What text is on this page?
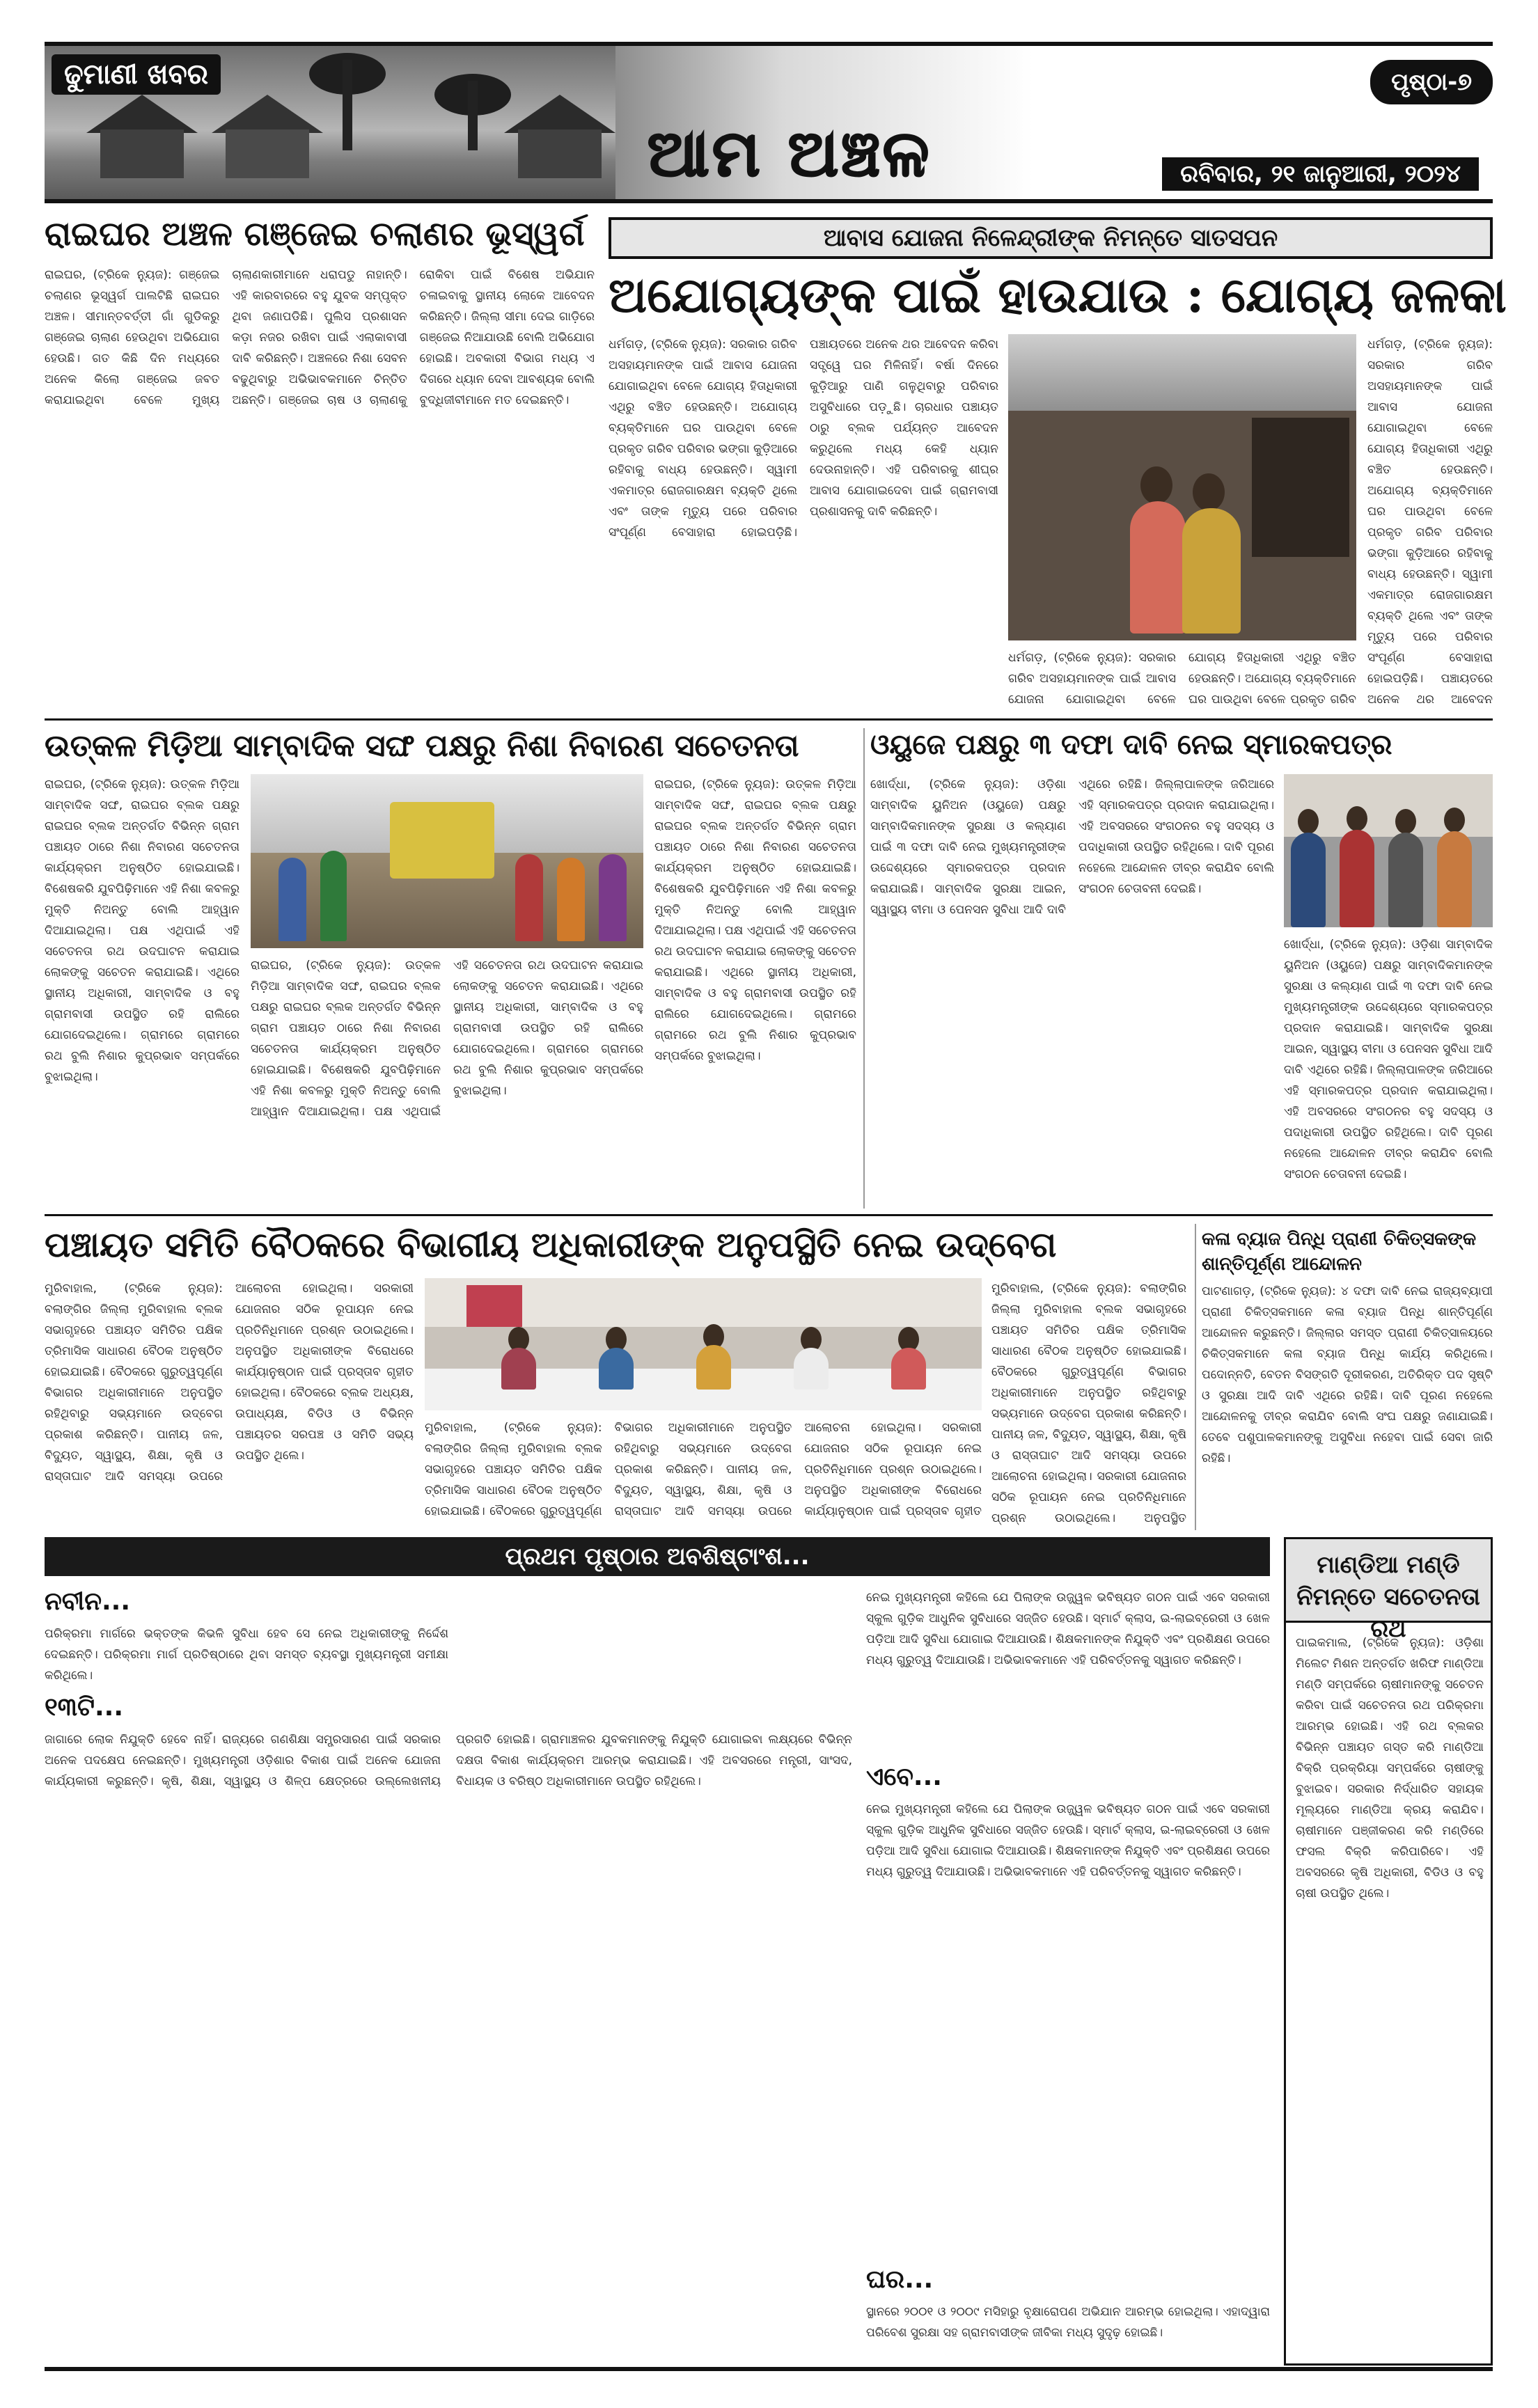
ଢୁମାଣୀ ଖବର
ଆମ ଅଞ୍ଚଳ
ପୃଷ୍ଠା-୭
ରବିବାର, ୨୧ ଜାନୁଆରୀ, ୨୦୨୪
ରାଇଘର ଅଞ୍ଚଳ ଗଞ୍ଜେଇ ଚଲାଣର ଭୂସ୍ୱର୍ଗ
ରାଇଘର, (ଟ୍ରିକେ ନ୍ୟୁଜ): ଗଞ୍ଜେଇ ଚଲାଣର ଭୂସ୍ୱର୍ଗ ପାଲଟିଛି ରାଇଘର ଅଞ୍ଚଳ। ସୀମାନ୍ତବର୍ତ୍ତୀ ଗାଁ ଗୁଡିକରୁ ଗଞ୍ଜେଇ ଚାଲାଣ ହେଉଥିବା ଅଭିଯୋଗ ହେଉଛି। ଗତ କିଛି ଦିନ ମଧ୍ୟରେ ଅନେକ କିଲୋ ଗଞ୍ଜେଇ ଜବତ କରାଯାଇଥିବା ବେଳେ ମୁଖ୍ୟ ଚାଲାଣକାରୀମାନେ ଧରାପଡୁ ନାହାନ୍ତି। ଏହି କାରବାରରେ ବହୁ ଯୁବକ ସମ୍ପୃକ୍ତ ଥିବା ଜଣାପଡିଛି। ପୁଲିସ ପ୍ରଶାସନ କଡ଼ା ନଜର ରଖିବା ପାଇଁ ଏଲାକାବାସୀ ଦାବି କରିଛନ୍ତି। ଅଞ୍ଚଳରେ ନିଶା ସେବନ ବଢୁଥିବାରୁ ଅଭିଭାବକମାନେ ଚିନ୍ତିତ ଅଛନ୍ତି। ଗଞ୍ଜେଇ ଚାଷ ଓ ଚାଲାଣକୁ ରୋକିବା ପାଇଁ ବିଶେଷ ଅଭିଯାନ ଚଳାଇବାକୁ ସ୍ଥାନୀୟ ଲୋକେ ଆବେଦନ କରିଛନ୍ତି। ଜିଲ୍ଲା ସୀମା ଦେଇ ଗାଡ଼ିରେ ଗଞ୍ଜେଇ ନିଆଯାଉଛି ବୋଲି ଅଭିଯୋଗ ହୋଇଛି। ଅବକାରୀ ବିଭାଗ ମଧ୍ୟ ଏ ଦିଗରେ ଧ୍ୟାନ ଦେବା ଆବଶ୍ୟକ ବୋଲି ବୁଦ୍ଧିଜୀବୀମାନେ ମତ ଦେଇଛନ୍ତି।
ଆବାସ ଯୋଜନା ନିଳେନ୍ଦ୍ରୀଙ୍କ ନିମନ୍ତେ ସାତସପନ
ଅଯୋଗ୍ୟଙ୍କ ପାଇଁ ହାଉଯାଉ : ଯୋଗ୍ୟ ଜଳକା
ଧର୍ମଗଡ଼, (ଟ୍ରିକେ ନ୍ୟୁଜ): ସରକାର ଗରିବ ଅସହାୟମାନଙ୍କ ପାଇଁ ଆବାସ ଯୋଜନା ଯୋଗାଇଥିବା ବେଳେ ଯୋଗ୍ୟ ହିତାଧିକାରୀ ଏଥିରୁ ବଞ୍ଚିତ ହେଉଛନ୍ତି। ଅଯୋଗ୍ୟ ବ୍ୟକ୍ତିମାନେ ଘର ପାଉଥିବା ବେଳେ ପ୍ରକୃତ ଗରିବ ପରିବାର ଭଙ୍ଗା କୁଡ଼ିଆରେ ରହିବାକୁ ବାଧ୍ୟ ହେଉଛନ୍ତି। ସ୍ୱାମୀ ଏକମାତ୍ର ରୋଜଗାରକ୍ଷମ ବ୍ୟକ୍ତି ଥିଲେ ଏବଂ ତାଙ୍କ ମୃତ୍ୟୁ ପରେ ପରିବାର ସଂପୂର୍ଣ୍ଣ ବେସାହାରା ହୋଇପଡ଼ିଛି। ପଞ୍ଚାୟତରେ ଅନେକ ଥର ଆବେଦନ କରିବା ସତ୍ତ୍ୱେ ଘର ମିଳିନାହିଁ। ବର୍ଷା ଦିନରେ କୁଡ଼ିଆରୁ ପାଣି ଗଳୁଥିବାରୁ ପରିବାର ଅସୁବିଧାରେ ପଡ଼ୁଛି। ଚାରଧାର ପଞ୍ଚାୟତ ଠାରୁ ବ୍ଲକ ପର୍ଯ୍ୟନ୍ତ ଆବେଦନ କରୁଥିଲେ ମଧ୍ୟ କେହି ଧ୍ୟାନ ଦେଉନାହାନ୍ତି। ଏହି ପରିବାରକୁ ଶୀଘ୍ର ଆବାସ ଯୋଗାଇଦେବା ପାଇଁ ଗ୍ରାମବାସୀ ପ୍ରଶାସନକୁ ଦାବି କରିଛନ୍ତି।
ଧର୍ମଗଡ଼, (ଟ୍ରିକେ ନ୍ୟୁଜ): ସରକାର ଗରିବ ଅସହାୟମାନଙ୍କ ପାଇଁ ଆବାସ ଯୋଜନା ଯୋଗାଇଥିବା ବେଳେ ଯୋଗ୍ୟ ହିତାଧିକାରୀ ଏଥିରୁ ବଞ୍ଚିତ ହେଉଛନ୍ତି। ଅଯୋଗ୍ୟ ବ୍ୟକ୍ତିମାନେ ଘର ପାଉଥିବା ବେଳେ ପ୍ରକୃତ ଗରିବ ପରିବାର ଭଙ୍ଗା କୁଡ଼ିଆରେ ରହିବାକୁ ବାଧ୍ୟ ହେଉଛନ୍ତି। ସ୍ୱାମୀ ଏକମାତ୍ର ରୋଜଗାରକ୍ଷମ ବ୍ୟକ୍ତି ଥିଲେ ଏବଂ ତାଙ୍କ ମୃତ୍ୟୁ ପରେ ପରିବାର ସଂପୂର୍ଣ୍ଣ ବେସାହାରା ହୋଇପଡ଼ିଛି। ପଞ୍ଚାୟତରେ ଅନେକ ଥର ଆବେଦନ
ଧର୍ମଗଡ଼, (ଟ୍ରିକେ ନ୍ୟୁଜ): ସରକାର ଗରିବ ଅସହାୟମାନଙ୍କ ପାଇଁ ଆବାସ ଯୋଜନା ଯୋଗାଇଥିବା ବେଳେ ଯୋଗ୍ୟ ହିତାଧିକାରୀ ଏଥିରୁ ବଞ୍ଚିତ ହେଉଛନ୍ତି। ଅଯୋଗ୍ୟ ବ୍ୟକ୍ତିମାନେ ଘର ପାଉଥିବା ବେଳେ ପ୍ରକୃତ ଗରିବ
ଉତ୍କଳ ମିଡ଼ିଆ ସାମ୍ବାଦିକ ସଙ୍ଘ ପକ୍ଷରୁ ନିଶା ନିବାରଣ ସଚେତନତା
ରାଇଘର, (ଟ୍ରିକେ ନ୍ୟୁଜ): ଉତ୍କଳ ମିଡ଼ିଆ ସାମ୍ବାଦିକ ସଙ୍ଘ, ରାଇଘର ବ୍ଲକ ପକ୍ଷରୁ ରାଇଘର ବ୍ଲକ ଅନ୍ତର୍ଗତ ବିଭିନ୍ନ ଗ୍ରାମ ପଞ୍ଚାୟତ ଠାରେ ନିଶା ନିବାରଣ ସଚେତନତା କାର୍ଯ୍ୟକ୍ରମ ଅନୁଷ୍ଠିତ ହୋଇଯାଇଛି। ବିଶେଷକରି ଯୁବପିଢ଼ିମାନେ ଏହି ନିଶା କବଳରୁ ମୁକ୍ତି ନିଅନ୍ତୁ ବୋଲି ଆହ୍ୱାନ ଦିଆଯାଇଥିଲା। ପକ୍ଷ ଏଥିପାଇଁ ଏହି ସଚେତନତା ରଥ ଉଦଘାଟନ କରାଯାଇ ଲୋକଙ୍କୁ ସଚେତନ କରାଯାଇଛି। ଏଥିରେ ସ୍ଥାନୀୟ ଅଧିକାରୀ, ସାମ୍ବାଦିକ ଓ ବହୁ ଗ୍ରାମବାସୀ ଉପସ୍ଥିତ ରହି ରାଲିରେ ଯୋଗଦେଇଥିଲେ। ଗ୍ରାମରେ ଗ୍ରାମରେ ରଥ ବୁଲି ନିଶାର କୁପ୍ରଭାବ ସମ୍ପର୍କରେ ବୁଝାଇଥିଲା।
ରାଇଘର, (ଟ୍ରିକେ ନ୍ୟୁଜ): ଉତ୍କଳ ମିଡ଼ିଆ ସାମ୍ବାଦିକ ସଙ୍ଘ, ରାଇଘର ବ୍ଲକ ପକ୍ଷରୁ ରାଇଘର ବ୍ଲକ ଅନ୍ତର୍ଗତ ବିଭିନ୍ନ ଗ୍ରାମ ପଞ୍ଚାୟତ ଠାରେ ନିଶା ନିବାରଣ ସଚେତନତା କାର୍ଯ୍ୟକ୍ରମ ଅନୁଷ୍ଠିତ ହୋଇଯାଇଛି। ବିଶେଷକରି ଯୁବପିଢ଼ିମାନେ ଏହି ନିଶା କବଳରୁ ମୁକ୍ତି ନିଅନ୍ତୁ ବୋଲି ଆହ୍ୱାନ ଦିଆଯାଇଥିଲା। ପକ୍ଷ ଏଥିପାଇଁ ଏହି ସଚେତନତା ରଥ ଉଦଘାଟନ କରାଯାଇ ଲୋକଙ୍କୁ ସଚେତନ କରାଯାଇଛି। ଏଥିରେ ସ୍ଥାନୀୟ ଅଧିକାରୀ, ସାମ୍ବାଦିକ ଓ ବହୁ ଗ୍ରାମବାସୀ ଉପସ୍ଥିତ ରହି ରାଲିରେ ଯୋଗଦେଇଥିଲେ। ଗ୍ରାମରେ ଗ୍ରାମରେ ରଥ ବୁଲି ନିଶାର କୁପ୍ରଭାବ ସମ୍ପର୍କରେ ବୁଝାଇଥିଲା।
ରାଇଘର, (ଟ୍ରିକେ ନ୍ୟୁଜ): ଉତ୍କଳ ମିଡ଼ିଆ ସାମ୍ବାଦିକ ସଙ୍ଘ, ରାଇଘର ବ୍ଲକ ପକ୍ଷରୁ ରାଇଘର ବ୍ଲକ ଅନ୍ତର୍ଗତ ବିଭିନ୍ନ ଗ୍ରାମ ପଞ୍ଚାୟତ ଠାରେ ନିଶା ନିବାରଣ ସଚେତନତା କାର୍ଯ୍ୟକ୍ରମ ଅନୁଷ୍ଠିତ ହୋଇଯାଇଛି। ବିଶେଷକରି ଯୁବପିଢ଼ିମାନେ ଏହି ନିଶା କବଳରୁ ମୁକ୍ତି ନିଅନ୍ତୁ ବୋଲି ଆହ୍ୱାନ ଦିଆଯାଇଥିଲା। ପକ୍ଷ ଏଥିପାଇଁ ଏହି ସଚେତନତା ରଥ ଉଦଘାଟନ କରାଯାଇ ଲୋକଙ୍କୁ ସଚେତନ କରାଯାଇଛି। ଏଥିରେ ସ୍ଥାନୀୟ ଅଧିକାରୀ, ସାମ୍ବାଦିକ ଓ ବହୁ ଗ୍ରାମବାସୀ ଉପସ୍ଥିତ ରହି ରାଲିରେ ଯୋଗଦେଇଥିଲେ। ଗ୍ରାମରେ ଗ୍ରାମରେ ରଥ ବୁଲି ନିଶାର କୁପ୍ରଭାବ ସମ୍ପର୍କରେ ବୁଝାଇଥିଲା।
ଓୟୁଜେ ପକ୍ଷରୁ ୩ ଦଫା ଦାବି ନେଇ ସ୍ମାରକପତ୍ର
ଖୋର୍ଦ୍ଧା, (ଟ୍ରିକେ ନ୍ୟୁଜ): ଓଡ଼ିଶା ସାମ୍ବାଦିକ ୟୁନିଅନ (ଓୟୁଜେ) ପକ୍ଷରୁ ସାମ୍ବାଦିକମାନଙ୍କ ସୁରକ୍ଷା ଓ କଲ୍ୟାଣ ପାଇଁ ୩ ଦଫା ଦାବି ନେଇ ମୁଖ୍ୟମନ୍ତ୍ରୀଙ୍କ ଉଦ୍ଦେଶ୍ୟରେ ସ୍ମାରକପତ୍ର ପ୍ରଦାନ କରାଯାଇଛି। ସାମ୍ବାଦିକ ସୁରକ୍ଷା ଆଇନ, ସ୍ୱାସ୍ଥ୍ୟ ବୀମା ଓ ପେନସନ ସୁବିଧା ଆଦି ଦାବି ଏଥିରେ ରହିଛି। ଜିଲ୍ଲାପାଳଙ୍କ ଜରିଆରେ ଏହି ସ୍ମାରକପତ୍ର ପ୍ରଦାନ କରାଯାଇଥିଲା। ଏହି ଅବସରରେ ସଂଗଠନର ବହୁ ସଦସ୍ୟ ଓ ପଦାଧିକାରୀ ଉପସ୍ଥିତ ରହିଥିଲେ। ଦାବି ପୂରଣ ନହେଲେ ଆନ୍ଦୋଳନ ତୀବ୍ର କରାଯିବ ବୋଲି ସଂଗଠନ ଚେତାବନୀ ଦେଇଛି।
ଖୋର୍ଦ୍ଧା, (ଟ୍ରିକେ ନ୍ୟୁଜ): ଓଡ଼ିଶା ସାମ୍ବାଦିକ ୟୁନିଅନ (ଓୟୁଜେ) ପକ୍ଷରୁ ସାମ୍ବାଦିକମାନଙ୍କ ସୁରକ୍ଷା ଓ କଲ୍ୟାଣ ପାଇଁ ୩ ଦଫା ଦାବି ନେଇ ମୁଖ୍ୟମନ୍ତ୍ରୀଙ୍କ ଉଦ୍ଦେଶ୍ୟରେ ସ୍ମାରକପତ୍ର ପ୍ରଦାନ କରାଯାଇଛି। ସାମ୍ବାଦିକ ସୁରକ୍ଷା ଆଇନ, ସ୍ୱାସ୍ଥ୍ୟ ବୀମା ଓ ପେନସନ ସୁବିଧା ଆଦି ଦାବି ଏଥିରେ ରହିଛି। ଜିଲ୍ଲାପାଳଙ୍କ ଜରିଆରେ ଏହି ସ୍ମାରକପତ୍ର ପ୍ରଦାନ କରାଯାଇଥିଲା। ଏହି ଅବସରରେ ସଂଗଠନର ବହୁ ସଦସ୍ୟ ଓ ପଦାଧିକାରୀ ଉପସ୍ଥିତ ରହିଥିଲେ। ଦାବି ପୂରଣ ନହେଲେ ଆନ୍ଦୋଳନ ତୀବ୍ର କରାଯିବ ବୋଲି ସଂଗଠନ ଚେତାବନୀ ଦେଇଛି।
ପଞ୍ଚାୟତ ସମିତି ବୈଠକରେ ବିଭାଗୀୟ ଅଧିକାରୀଙ୍କ ଅନୁପସ୍ଥିତି ନେଇ ଉଦ୍‌ବେଗ
ମୁରିବାହାଲ, (ଟ୍ରିକେ ନ୍ୟୁଜ): ବଲାଙ୍ଗିର ଜିଲ୍ଲା ମୁରିବାହାଲ ବ୍ଲକ ସଭାଗୃହରେ ପଞ୍ଚାୟତ ସମିତିର ପକ୍ଷିକ ତ୍ରିମାସିକ ସାଧାରଣ ବୈଠକ ଅନୁଷ୍ଠିତ ହୋଇଯାଇଛି। ବୈଠକରେ ଗୁରୁତ୍ୱପୂର୍ଣ୍ଣ ବିଭାଗର ଅଧିକାରୀମାନେ ଅନୁପସ୍ଥିତ ରହିଥିବାରୁ ସଭ୍ୟମାନେ ଉଦ୍‌ବେଗ ପ୍ରକାଶ କରିଛନ୍ତି। ପାନୀୟ ଜଳ, ବିଦ୍ୟୁତ, ସ୍ୱାସ୍ଥ୍ୟ, ଶିକ୍ଷା, କୃଷି ଓ ରାସ୍ତାଘାଟ ଆଦି ସମସ୍ୟା ଉପରେ ଆଲୋଚନା ହୋଇଥିଲା। ସରକାରୀ ଯୋଜନାର ସଠିକ ରୂପାୟନ ନେଇ ପ୍ରତିନିଧିମାନେ ପ୍ରଶ୍ନ ଉଠାଇଥିଲେ। ଅନୁପସ୍ଥିତ ଅଧିକାରୀଙ୍କ ବିରୋଧରେ କାର୍ଯ୍ୟାନୁଷ୍ଠାନ ପାଇଁ ପ୍ରସ୍ତାବ ଗୃହୀତ ହୋଇଥିଲା। ବୈଠକରେ ବ୍ଲକ ଅଧ୍ୟକ୍ଷ, ଉପାଧ୍ୟକ୍ଷ, ବିଡିଓ ଓ ବିଭିନ୍ନ ପଞ୍ଚାୟତର ସରପଞ୍ଚ ଓ ସମିତି ସଭ୍ୟ ଉପସ୍ଥିତ ଥିଲେ।
ମୁରିବାହାଲ, (ଟ୍ରିକେ ନ୍ୟୁଜ): ବଲାଙ୍ଗିର ଜିଲ୍ଲା ମୁରିବାହାଲ ବ୍ଲକ ସଭାଗୃହରେ ପଞ୍ଚାୟତ ସମିତିର ପକ୍ଷିକ ତ୍ରିମାସିକ ସାଧାରଣ ବୈଠକ ଅନୁଷ୍ଠିତ ହୋଇଯାଇଛି। ବୈଠକରେ ଗୁରୁତ୍ୱପୂର୍ଣ୍ଣ ବିଭାଗର ଅଧିକାରୀମାନେ ଅନୁପସ୍ଥିତ ରହିଥିବାରୁ ସଭ୍ୟମାନେ ଉଦ୍‌ବେଗ ପ୍ରକାଶ କରିଛନ୍ତି। ପାନୀୟ ଜଳ, ବିଦ୍ୟୁତ, ସ୍ୱାସ୍ଥ୍ୟ, ଶିକ୍ଷା, କୃଷି ଓ ରାସ୍ତାଘାଟ ଆଦି ସମସ୍ୟା ଉପରେ ଆଲୋଚନା ହୋଇଥିଲା। ସରକାରୀ ଯୋଜନାର ସଠିକ ରୂପାୟନ ନେଇ ପ୍ରତିନିଧିମାନେ ପ୍ରଶ୍ନ ଉଠାଇଥିଲେ। ଅନୁପସ୍ଥିତ ଅଧିକାରୀଙ୍କ ବିରୋଧରେ କାର୍ଯ୍ୟାନୁଷ୍ଠାନ ପାଇଁ ପ୍ରସ୍ତାବ ଗୃହୀତ
ମୁରିବାହାଲ, (ଟ୍ରିକେ ନ୍ୟୁଜ): ବଲାଙ୍ଗିର ଜିଲ୍ଲା ମୁରିବାହାଲ ବ୍ଲକ ସଭାଗୃହରେ ପଞ୍ଚାୟତ ସମିତିର ପକ୍ଷିକ ତ୍ରିମାସିକ ସାଧାରଣ ବୈଠକ ଅନୁଷ୍ଠିତ ହୋଇଯାଇଛି। ବୈଠକରେ ଗୁରୁତ୍ୱପୂର୍ଣ୍ଣ ବିଭାଗର ଅଧିକାରୀମାନେ ଅନୁପସ୍ଥିତ ରହିଥିବାରୁ ସଭ୍ୟମାନେ ଉଦ୍‌ବେଗ ପ୍ରକାଶ କରିଛନ୍ତି। ପାନୀୟ ଜଳ, ବିଦ୍ୟୁତ, ସ୍ୱାସ୍ଥ୍ୟ, ଶିକ୍ଷା, କୃଷି ଓ ରାସ୍ତାଘାଟ ଆଦି ସମସ୍ୟା ଉପରେ ଆଲୋଚନା ହୋଇଥିଲା। ସରକାରୀ ଯୋଜନାର ସଠିକ ରୂପାୟନ ନେଇ ପ୍ରତିନିଧିମାନେ ପ୍ରଶ୍ନ ଉଠାଇଥିଲେ। ଅନୁପସ୍ଥିତ
କଳା ବ୍ୟାଜ ପିନ୍ଧି ପ୍ରାଣୀ ଚିକିତ୍ସକଙ୍କ ଶାନ୍ତିପୂର୍ଣ୍ଣ ଆନ୍ଦୋଳନ
ପାଟଣାଗଡ଼, (ଟ୍ରିକେ ନ୍ୟୁଜ): ୪ ଦଫା ଦାବି ନେଇ ରାଜ୍ୟବ୍ୟାପୀ ପ୍ରାଣୀ ଚିକିତ୍ସକମାନେ କଳା ବ୍ୟାଜ ପିନ୍ଧି ଶାନ୍ତିପୂର୍ଣ୍ଣ ଆନ୍ଦୋଳନ କରୁଛନ୍ତି। ଜିଲ୍ଲାର ସମସ୍ତ ପ୍ରାଣୀ ଚିକିତ୍ସାଳୟରେ ଚିକିତ୍ସକମାନେ କଳା ବ୍ୟାଜ ପିନ୍ଧି କାର୍ଯ୍ୟ କରିଥିଲେ। ପଦୋନ୍ନତି, ବେତନ ବିସଙ୍ଗତି ଦୂରୀକରଣ, ଅତିରିକ୍ତ ପଦ ସୃଷ୍ଟି ଓ ସୁରକ୍ଷା ଆଦି ଦାବି ଏଥିରେ ରହିଛି। ଦାବି ପୂରଣ ନହେଲେ ଆନ୍ଦୋଳନକୁ ତୀବ୍ର କରାଯିବ ବୋଲି ସଂଘ ପକ୍ଷରୁ ଜଣାଯାଇଛି। ତେବେ ପଶୁପାଳକମାନଙ୍କୁ ଅସୁବିଧା ନହେବା ପାଇଁ ସେବା ଜାରି ରହିଛି।
ପ୍ରଥମ ପୃଷ୍ଠାର ଅବଶିଷ୍ଟାଂଶ...
ନବୀନ...
ପରିକ୍ରମା ମାର୍ଗରେ ଭକ୍ତଙ୍କ କିଭଳି ସୁବିଧା ହେବ ସେ ନେଇ ଅଧିକାରୀଙ୍କୁ ନିର୍ଦ୍ଦେଶ ଦେଇଛନ୍ତି। ପରିକ୍ରମା ମାର୍ଗ ପ୍ରତିଷ୍ଠାରେ ଥିବା ସମସ୍ତ ବ୍ୟବସ୍ଥା ମୁଖ୍ୟମନ୍ତ୍ରୀ ସମୀକ୍ଷା କରିଥିଲେ।
୧୩ଟି...
ଜାଗାରେ ଲୋକ ନିଯୁକ୍ତି ହେବେ ନାହିଁ। ରାଜ୍ୟରେ ଗଣଶିକ୍ଷା ସମ୍ପ୍ରସାରଣ ପାଇଁ ସରକାର ଅନେକ ପଦକ୍ଷେପ ନେଇଛନ୍ତି। ମୁଖ୍ୟମନ୍ତ୍ରୀ ଓଡ଼ିଶାର ବିକାଶ ପାଇଁ ଅନେକ ଯୋଜନା କାର୍ଯ୍ୟକାରୀ କରୁଛନ୍ତି। କୃଷି, ଶିକ୍ଷା, ସ୍ୱାସ୍ଥ୍ୟ ଓ ଶିଳ୍ପ କ୍ଷେତ୍ରରେ ଉଲ୍ଲେଖନୀୟ ପ୍ରଗତି ହୋଇଛି। ଗ୍ରାମାଞ୍ଚଳର ଯୁବକମାନଙ୍କୁ ନିଯୁକ୍ତି ଯୋଗାଇବା ଲକ୍ଷ୍ୟରେ ବିଭିନ୍ନ ଦକ୍ଷତା ବିକାଶ କାର୍ଯ୍ୟକ୍ରମ ଆରମ୍ଭ କରାଯାଇଛି। ଏହି ଅବସରରେ ମନ୍ତ୍ରୀ, ସାଂସଦ, ବିଧାୟକ ଓ ବରିଷ୍ଠ ଅଧିକାରୀମାନେ ଉପସ୍ଥିତ ରହିଥିଲେ।
ନେଇ ମୁଖ୍ୟମନ୍ତ୍ରୀ କହିଲେ ଯେ ପିଲାଙ୍କ ଉଜ୍ଜ୍ୱଳ ଭବିଷ୍ୟତ ଗଠନ ପାଇଁ ଏବେ ସରକାରୀ ସ୍କୁଲ ଗୁଡ଼ିକ ଆଧୁନିକ ସୁବିଧାରେ ସଜ୍ଜିତ ହେଉଛି। ସ୍ମାର୍ଟ କ୍ଲାସ, ଇ-ଲାଇବ୍ରେରୀ ଓ ଖେଳ ପଡ଼ିଆ ଆଦି ସୁବିଧା ଯୋଗାଇ ଦିଆଯାଉଛି। ଶିକ୍ଷକମାନଙ୍କ ନିଯୁକ୍ତି ଏବଂ ପ୍ରଶିକ୍ଷଣ ଉପରେ ମଧ୍ୟ ଗୁରୁତ୍ୱ ଦିଆଯାଉଛି। ଅଭିଭାବକମାନେ ଏହି ପରିବର୍ତ୍ତନକୁ ସ୍ୱାଗତ କରିଛନ୍ତି।
ଏବେ...
ନେଇ ମୁଖ୍ୟମନ୍ତ୍ରୀ କହିଲେ ଯେ ପିଲାଙ୍କ ଉଜ୍ଜ୍ୱଳ ଭବିଷ୍ୟତ ଗଠନ ପାଇଁ ଏବେ ସରକାରୀ ସ୍କୁଲ ଗୁଡ଼ିକ ଆଧୁନିକ ସୁବିଧାରେ ସଜ୍ଜିତ ହେଉଛି। ସ୍ମାର୍ଟ କ୍ଲାସ, ଇ-ଲାଇବ୍ରେରୀ ଓ ଖେଳ ପଡ଼ିଆ ଆଦି ସୁବିଧା ଯୋଗାଇ ଦିଆଯାଉଛି। ଶିକ୍ଷକମାନଙ୍କ ନିଯୁକ୍ତି ଏବଂ ପ୍ରଶିକ୍ଷଣ ଉପରେ ମଧ୍ୟ ଗୁରୁତ୍ୱ ଦିଆଯାଉଛି। ଅଭିଭାବକମାନେ ଏହି ପରିବର୍ତ୍ତନକୁ ସ୍ୱାଗତ କରିଛନ୍ତି।
ଘର...
ସ୍ଥାନରେ ୨୦୦୧ ଓ ୨୦୦୯ ମସିହାରୁ ବୃକ୍ଷାରୋପଣ ଅଭିଯାନ ଆରମ୍ଭ ହୋଇଥିଲା। ଏହାଦ୍ୱାରା ପରିବେଶ ସୁରକ୍ଷା ସହ ଗ୍ରାମବାସୀଙ୍କ ଜୀବିକା ମଧ୍ୟ ସୁଦୃଢ଼ ହୋଇଛି।
ମାଣ୍ଡିଆ ମଣ୍ଡି ନିମନ୍ତେ ସଚେତନତା ରଥ
ପାଇକମାଲ, (ଟ୍ରିକେ ନ୍ୟୁଜ): ଓଡ଼ିଶା ମିଲେଟ ମିଶନ ଅନ୍ତର୍ଗତ ଖରିଫ ମାଣ୍ଡିଆ ମଣ୍ଡି ସମ୍ପର୍କରେ ଚାଷୀମାନଙ୍କୁ ସଚେତନ କରିବା ପାଇଁ ସଚେତନତା ରଥ ପରିକ୍ରମା ଆରମ୍ଭ ହୋଇଛି। ଏହି ରଥ ବ୍ଲକର ବିଭିନ୍ନ ପଞ୍ଚାୟତ ଗସ୍ତ କରି ମାଣ୍ଡିଆ ବିକ୍ରି ପ୍ରକ୍ରିୟା ସମ୍ପର୍କରେ ଚାଷୀଙ୍କୁ ବୁଝାଇବ। ସରକାର ନିର୍ଦ୍ଧାରିତ ସହାୟକ ମୂଲ୍ୟରେ ମାଣ୍ଡିଆ କ୍ରୟ କରାଯିବ। ଚାଷୀମାନେ ପଞ୍ଜୀକରଣ କରି ମଣ୍ଡିରେ ଫସଲ ବିକ୍ରି କରିପାରିବେ। ଏହି ଅବସରରେ କୃଷି ଅଧିକାରୀ, ବିଡିଓ ଓ ବହୁ ଚାଷୀ ଉପସ୍ଥିତ ଥିଲେ।
